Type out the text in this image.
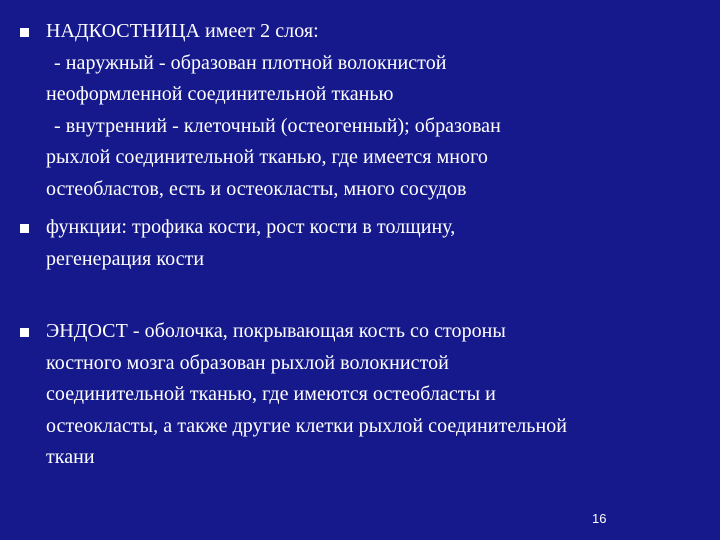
НАДКОСТНИЦА имеет 2 слоя:
- наружный - образован плотной волокнистой
неоформленной соединительной тканью
- внутренний - клеточный (остеогенный); образован
рыхлой соединительной тканью, где имеется много
остеобластов, есть и остеокласты, много сосудов
функции: трофика кости, рост кости в толщину,
регенерация кости
ЭНДОСТ - оболочка, покрывающая кость со стороны
костного мозга образован рыхлой волокнистой
соединительной тканью, где имеются остеобласты и
остеокласты, а также другие клетки рыхлой соединительной
ткани
16
